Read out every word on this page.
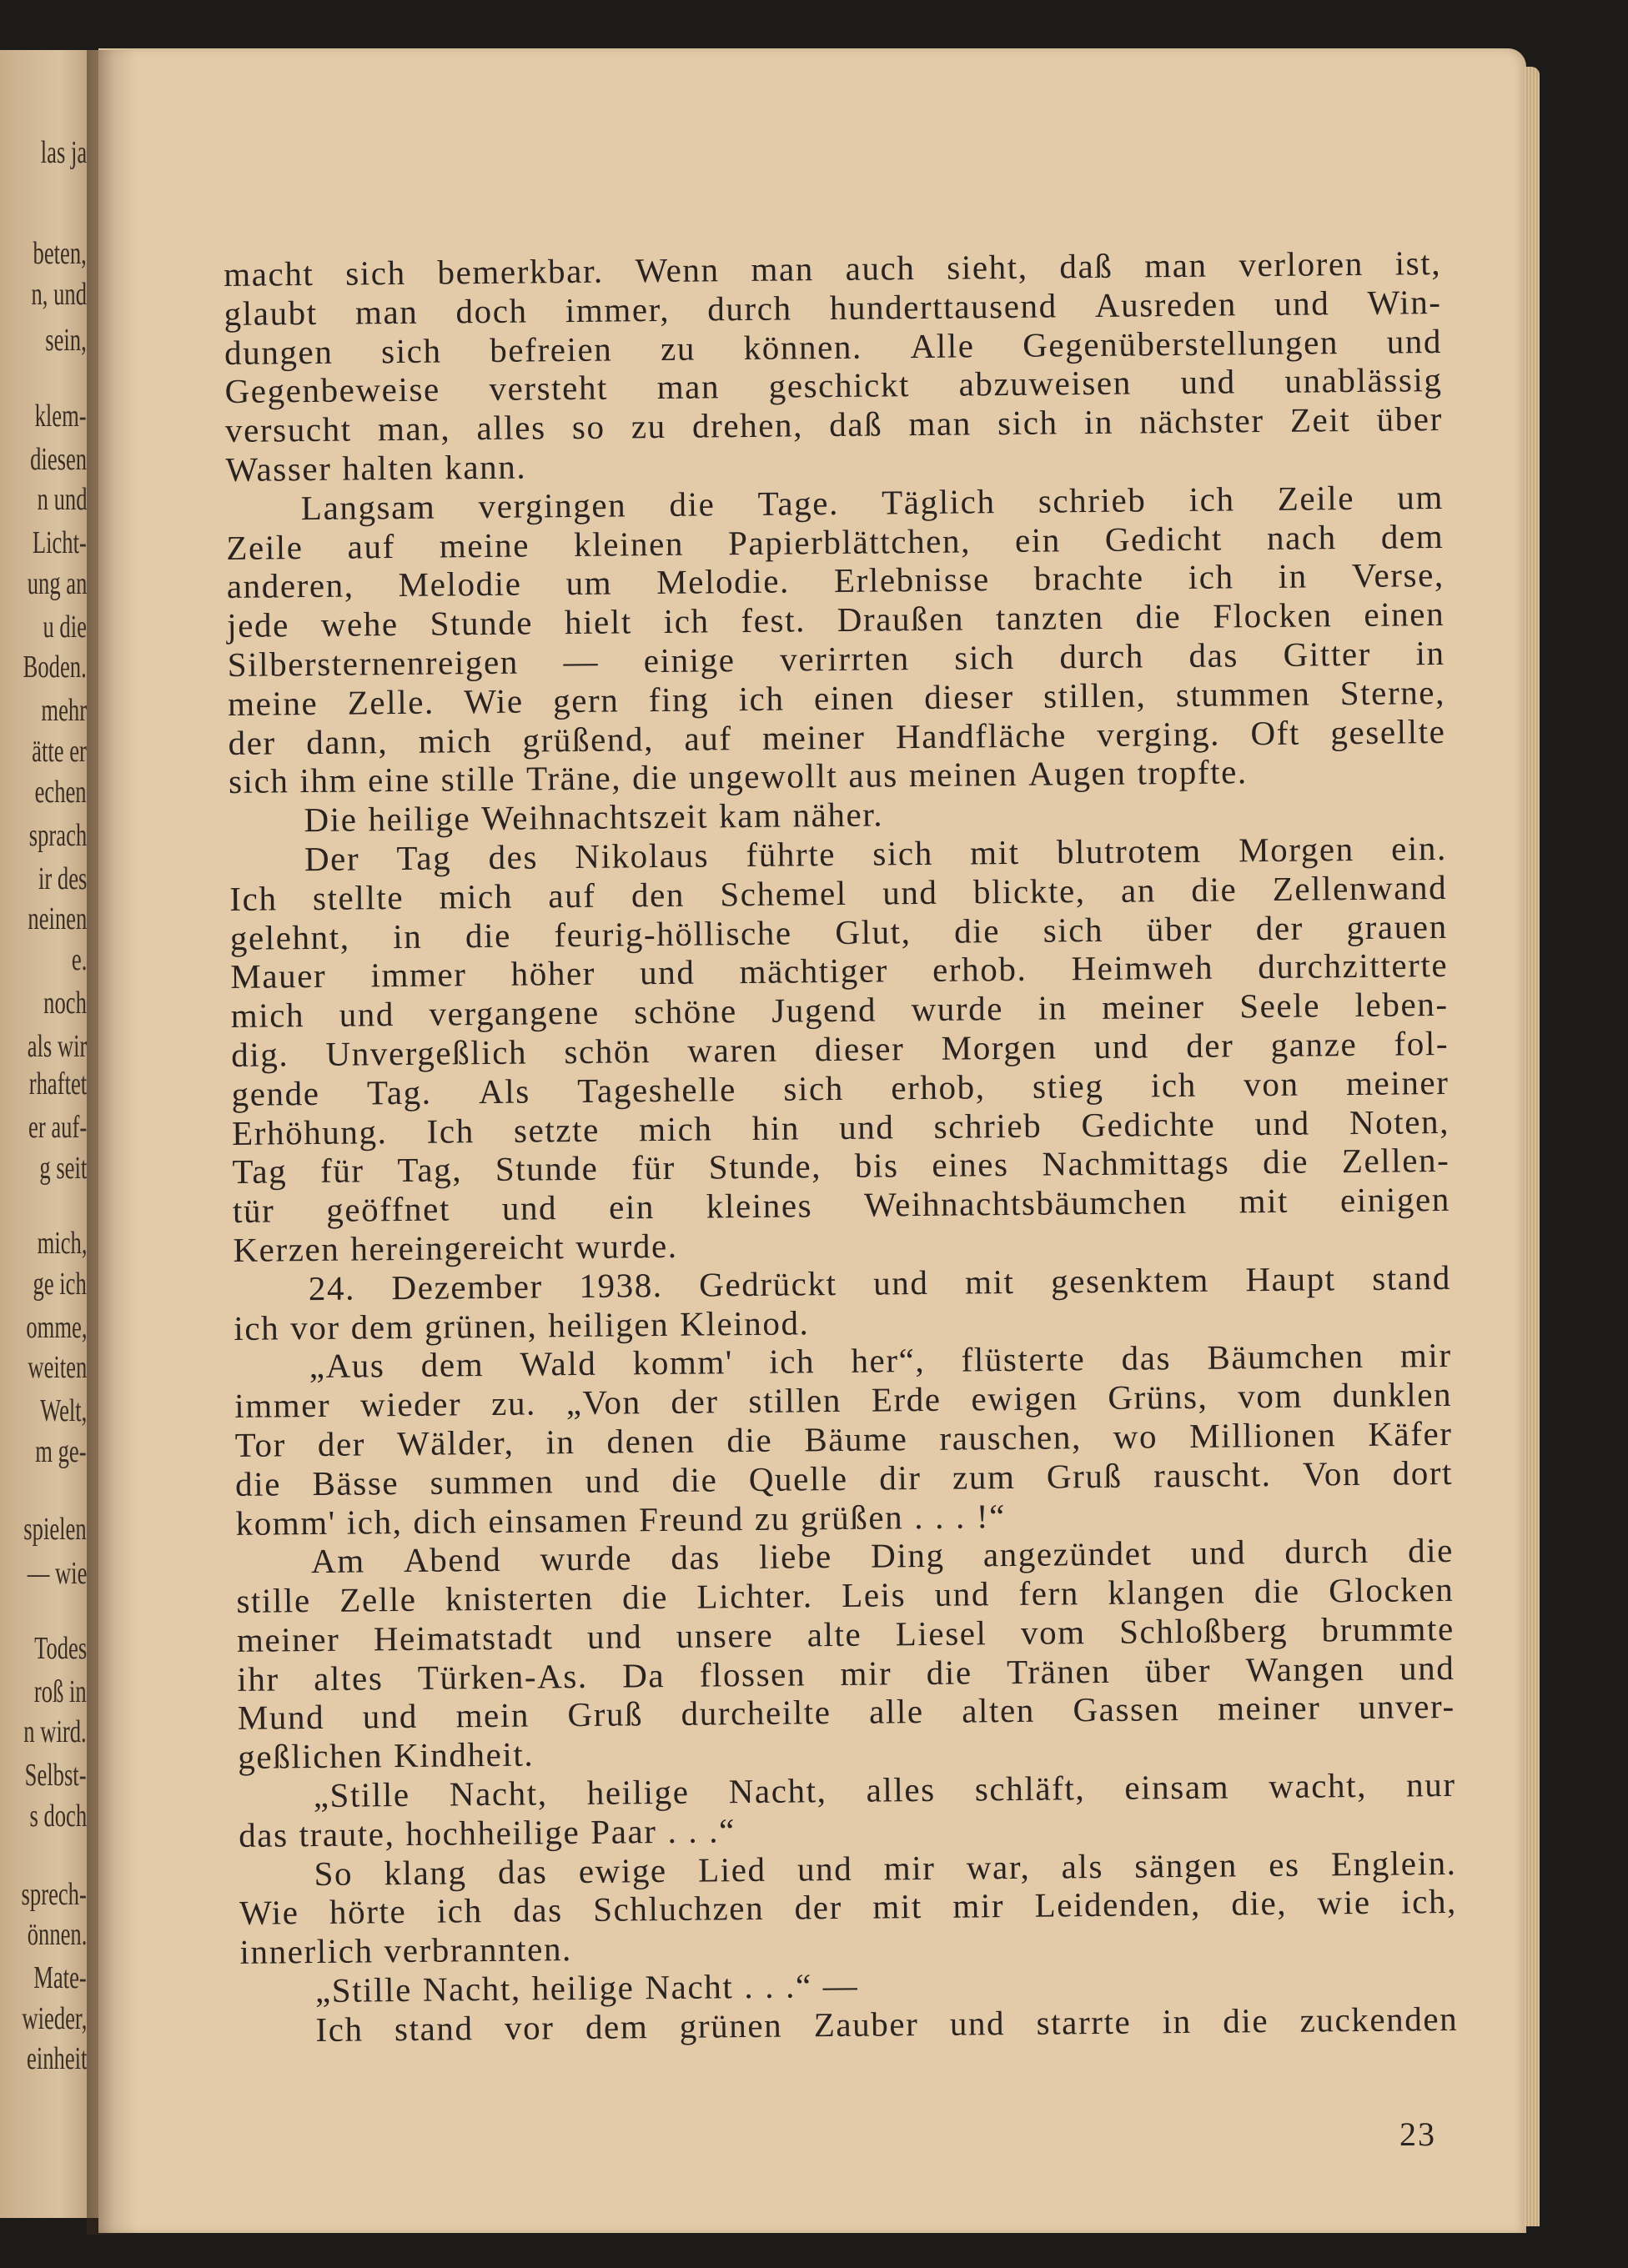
las ja
beten,
n, und
sein,
klem-
diesen
n und
Licht-
ung an
u die
Boden.
mehr
ätte er
echen
sprach
ir des
neinen
e.
noch
als wir
rhaftet
er auf-
g seit
mich,
ge ich
omme,
weiten
Welt,
m ge-
spielen
— wie
Todes
roß in
n wird.
Selbst-
s doch
sprech-
önnen.
Mate-
wieder,
einheit
macht sich bemerkbar. Wenn man auch sieht, daß man verloren ist,
glaubt man doch immer, durch hunderttausend Ausreden und Win-
dungen sich befreien zu können. Alle Gegenüberstellungen und
Gegenbeweise versteht man geschickt abzuweisen und unablässig
versucht man, alles so zu drehen, daß man sich in nächster Zeit über
Wasser halten kann.
Langsam vergingen die Tage. Täglich schrieb ich Zeile um
Zeile auf meine kleinen Papierblättchen, ein Gedicht nach dem
anderen, Melodie um Melodie. Erlebnisse brachte ich in Verse,
jede wehe Stunde hielt ich fest. Draußen tanzten die Flocken einen
Silbersternenreigen — einige verirrten sich durch das Gitter in
meine Zelle. Wie gern fing ich einen dieser stillen, stummen Sterne,
der dann, mich grüßend, auf meiner Handfläche verging. Oft gesellte
sich ihm eine stille Träne, die ungewollt aus meinen Augen tropfte.
Die heilige Weihnachtszeit kam näher.
Der Tag des Nikolaus führte sich mit blutrotem Morgen ein.
Ich stellte mich auf den Schemel und blickte, an die Zellenwand
gelehnt, in die feurig-höllische Glut, die sich über der grauen
Mauer immer höher und mächtiger erhob. Heimweh durchzitterte
mich und vergangene schöne Jugend wurde in meiner Seele leben-
dig. Unvergeßlich schön waren dieser Morgen und der ganze fol-
gende Tag. Als Tageshelle sich erhob, stieg ich von meiner
Erhöhung. Ich setzte mich hin und schrieb Gedichte und Noten,
Tag für Tag, Stunde für Stunde, bis eines Nachmittags die Zellen-
tür geöffnet und ein kleines Weihnachtsbäumchen mit einigen
Kerzen hereingereicht wurde.
24. Dezember 1938. Gedrückt und mit gesenktem Haupt stand
ich vor dem grünen, heiligen Kleinod.
„Aus dem Wald komm' ich her“, flüsterte das Bäumchen mir
immer wieder zu. „Von der stillen Erde ewigen Grüns, vom dunklen
Tor der Wälder, in denen die Bäume rauschen, wo Millionen Käfer
die Bässe summen und die Quelle dir zum Gruß rauscht. Von dort
komm' ich, dich einsamen Freund zu grüßen . . . !“
Am Abend wurde das liebe Ding angezündet und durch die
stille Zelle knisterten die Lichter. Leis und fern klangen die Glocken
meiner Heimatstadt und unsere alte Liesel vom Schloßberg brummte
ihr altes Türken-As. Da flossen mir die Tränen über Wangen und
Mund und mein Gruß durcheilte alle alten Gassen meiner unver-
geßlichen Kindheit.
„Stille Nacht, heilige Nacht, alles schläft, einsam wacht, nur
das traute, hochheilige Paar . . .“
So klang das ewige Lied und mir war, als sängen es Englein.
Wie hörte ich das Schluchzen der mit mir Leidenden, die, wie ich,
innerlich verbrannten.
„Stille Nacht, heilige Nacht . . .“ —
Ich stand vor dem grünen Zauber und starrte in die zuckenden
23
